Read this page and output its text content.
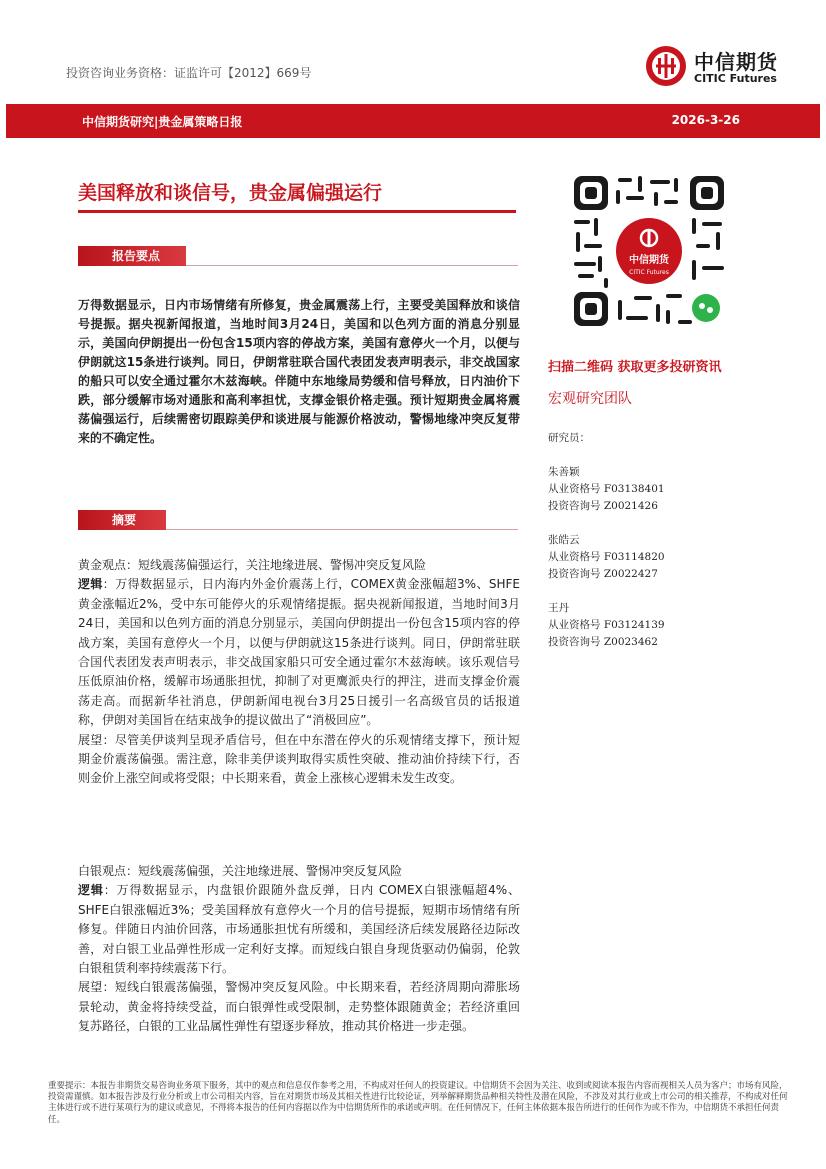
投资咨询业务资格：证监许可【2012】669号	中信期货
CITIC Futures
中信期货研究|贵金属策略日报	2026-3-26
美国释放和谈信号，贵金属偏强运行
报告要点
万得数据显示，日内市场情绪有所修复，贵金属震荡上行，主要受美国释放和谈信号提振。据央视新闻报道，当地时间3月24日，美国和以色列方面的消息分别显示，美国向伊朗提出一份包含15项内容的停战方案，美国有意停火一个月，以便与伊朗就这15条进行谈判。同日，伊朗常驻联合国代表团发表声明表示，非交战国家的船只可以安全通过霍尔木兹海峡。伴随中东地缘局势缓和信号释放，日内油价下跌，部分缓解市场对通胀和高利率担忧，支撑金银价格走强。预计短期贵金属将震荡偏强运行，后续需密切跟踪美伊和谈进展与能源价格波动，警惕地缘冲突反复带来的不确定性。
摘要

黄金观点：短线震荡偏强运行，关注地缘进展、警惕冲突反复风险

逻辑：万得数据显示，日内海内外金价震荡上行，COMEX黄金涨幅超3%、SHFE黄金涨幅近2%，受中东可能停火的乐观情绪提振。据央视新闻报道，当地时间3月24日，美国和以色列方面的消息分别显示，美国向伊朗提出一份包含15项内容的停战方案，美国有意停火一个月，以便与伊朗就这15条进行谈判。同日，伊朗常驻联合国代表团发表声明表示，非交战国家船只可安全通过霍尔木兹海峡。该乐观信号压低原油价格，缓解市场通胀担忧，抑制了对更鹰派央行的押注，进而支撑金价震荡走高。而据新华社消息，伊朗新闻电视台3月25日援引一名高级官员的话报道称，伊朗对美国旨在结束战争的提议做出了“消极回应”。

展望：尽管美伊谈判呈现矛盾信号，但在中东潜在停火的乐观情绪支撑下，预计短期金价震荡偏强。需注意，除非美伊谈判取得实质性突破、推动油价持续下行，否则金价上涨空间或将受限；中长期来看，黄金上涨核心逻辑未发生改变。

白银观点：短线震荡偏强，关注地缘进展、警惕冲突反复风险

逻辑：万得数据显示，内盘银价跟随外盘反弹，日内 COMEX白银涨幅超4%、SHFE白银涨幅近3%；受美国释放有意停火一个月的信号提振，短期市场情绪有所修复。伴随日内油价回落，市场通胀担忧有所缓和，美国经济后续发展路径边际改善，对白银工业品弹性形成一定利好支撑。而短线白银自身现货驱动仍偏弱，伦敦白银租赁利率持续震荡下行。

展望：短线白银震荡偏强，警惕冲突反复风险。中长期来看，若经济周期向滞胀场景轮动，黄金将持续受益，而白银弹性或受限制，走势整体跟随黄金；若经济重回复苏路径，白银的工业品属性弹性有望逐步释放，推动其价格进一步走强。

中信期货
CITIC Futures
扫描二维码 获取更多投研资讯
宏观研究团队
研究员：
朱善颖
从业资格号 F03138401
投资咨询号 Z0021426
张皓云
从业资格号 F03114820
投资咨询号 Z0022427
王丹
从业资格号 F03124139
投资咨询号 Z0023462
重要提示：本报告非期货交易咨询业务项下服务，其中的观点和信息仅作参考之用，不构成对任何人的投资建议。中信期货不会因为关注、收到或阅读本报告内容而视相关人员为客户；市场有风险，投资需谨慎。如本报告涉及行业分析或上市公司相关内容，旨在对期货市场及其相关性进行比较论证，列举解释期货品种相关特性及潜在风险，不涉及对其行业或上市公司的相关推荐，不构成对任何主体进行或不进行某项行为的建议或意见，不得将本报告的任何内容据以作为中信期货所作的承诺或声明。在任何情况下，任何主体依据本报告所进行的任何作为或不作为，中信期货不承担任何责任。
